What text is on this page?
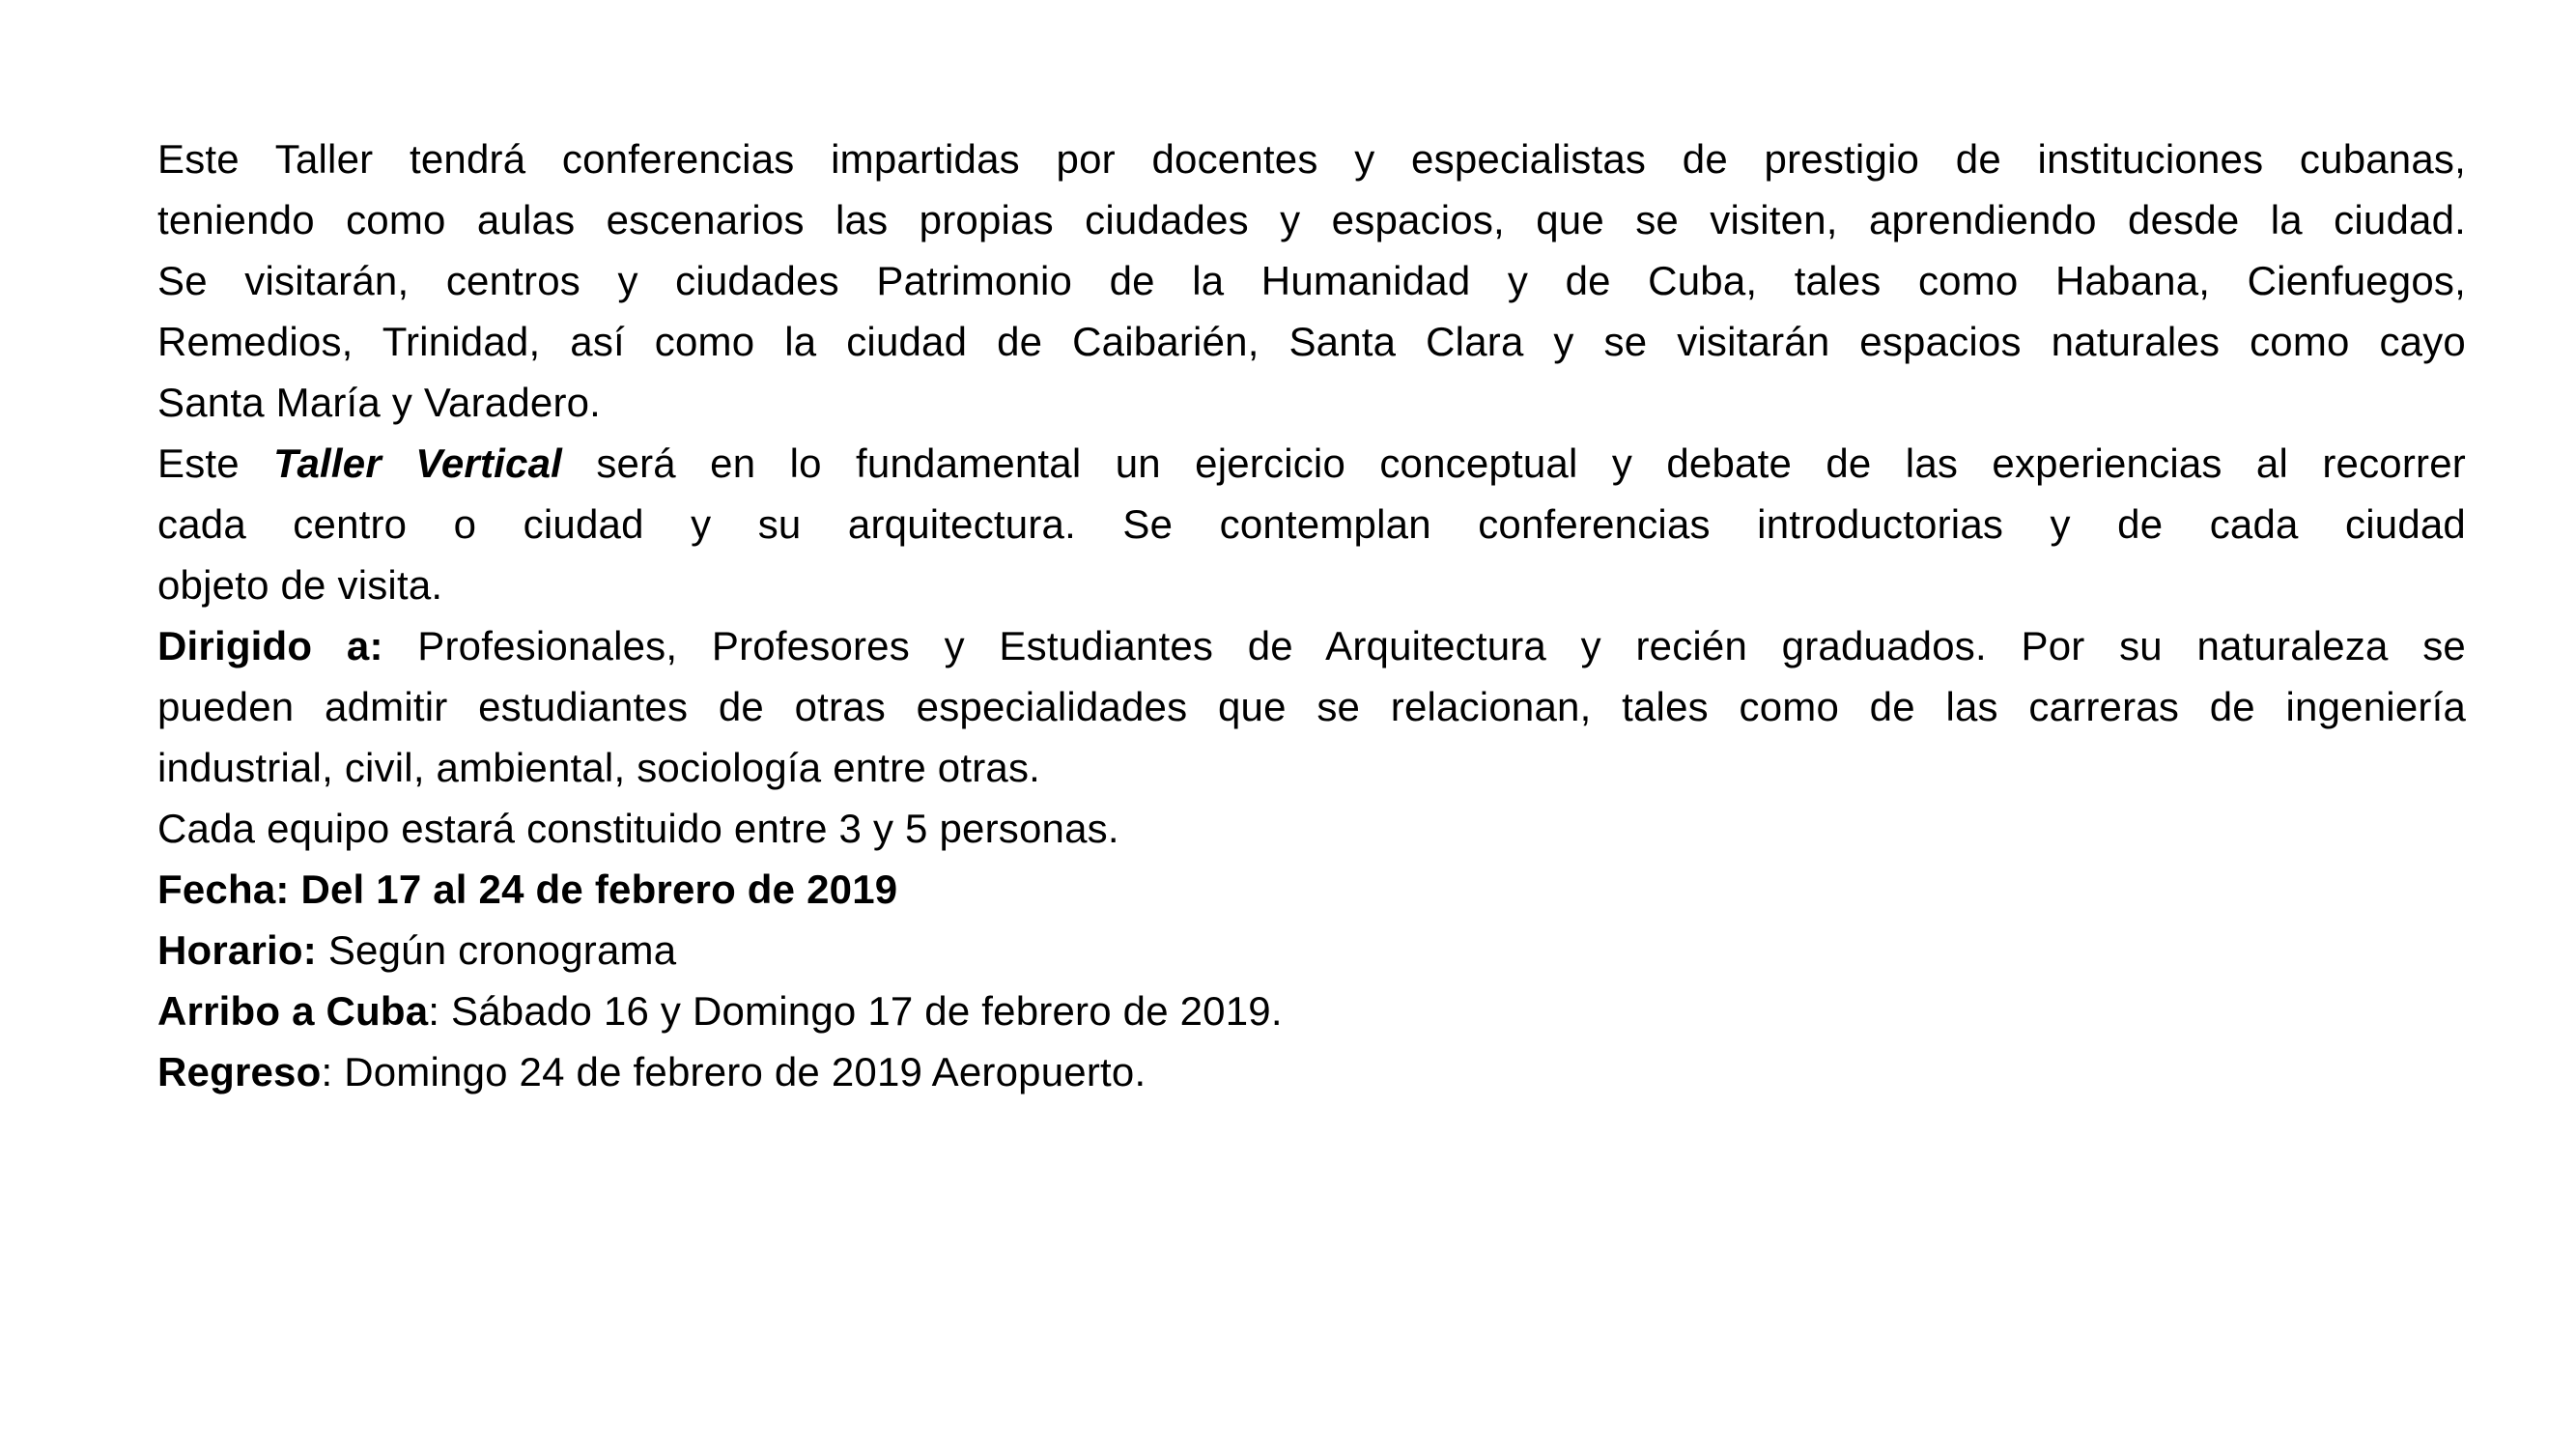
Este Taller tendrá conferencias impartidas por docentes y especialistas de prestigio de instituciones cubanas,
teniendo como aulas escenarios las propias ciudades y espacios, que se visiten, aprendiendo desde la ciudad.
Se visitarán, centros y ciudades Patrimonio de la Humanidad y de Cuba, tales como Habana, Cienfuegos,
Remedios, Trinidad, así como la ciudad de Caibarién, Santa Clara y se visitarán espacios naturales como cayo
Santa María y Varadero.
Este Taller Vertical será en lo fundamental un ejercicio conceptual y debate de las experiencias al recorrer
cada centro o ciudad y su arquitectura. Se contemplan conferencias introductorias y de cada ciudad
objeto de visita.
Dirigido a: Profesionales, Profesores y Estudiantes de Arquitectura y recién graduados. Por su naturaleza se
pueden admitir estudiantes de otras especialidades que se relacionan, tales como de las carreras de ingeniería
industrial, civil, ambiental, sociología entre otras.
Cada equipo estará constituido entre 3 y 5 personas.
Fecha: Del 17 al 24 de febrero de 2019
Horario: Según cronograma
Arribo a Cuba: Sábado 16 y Domingo 17 de febrero de 2019.
Regreso: Domingo 24 de febrero de 2019 Aeropuerto.
